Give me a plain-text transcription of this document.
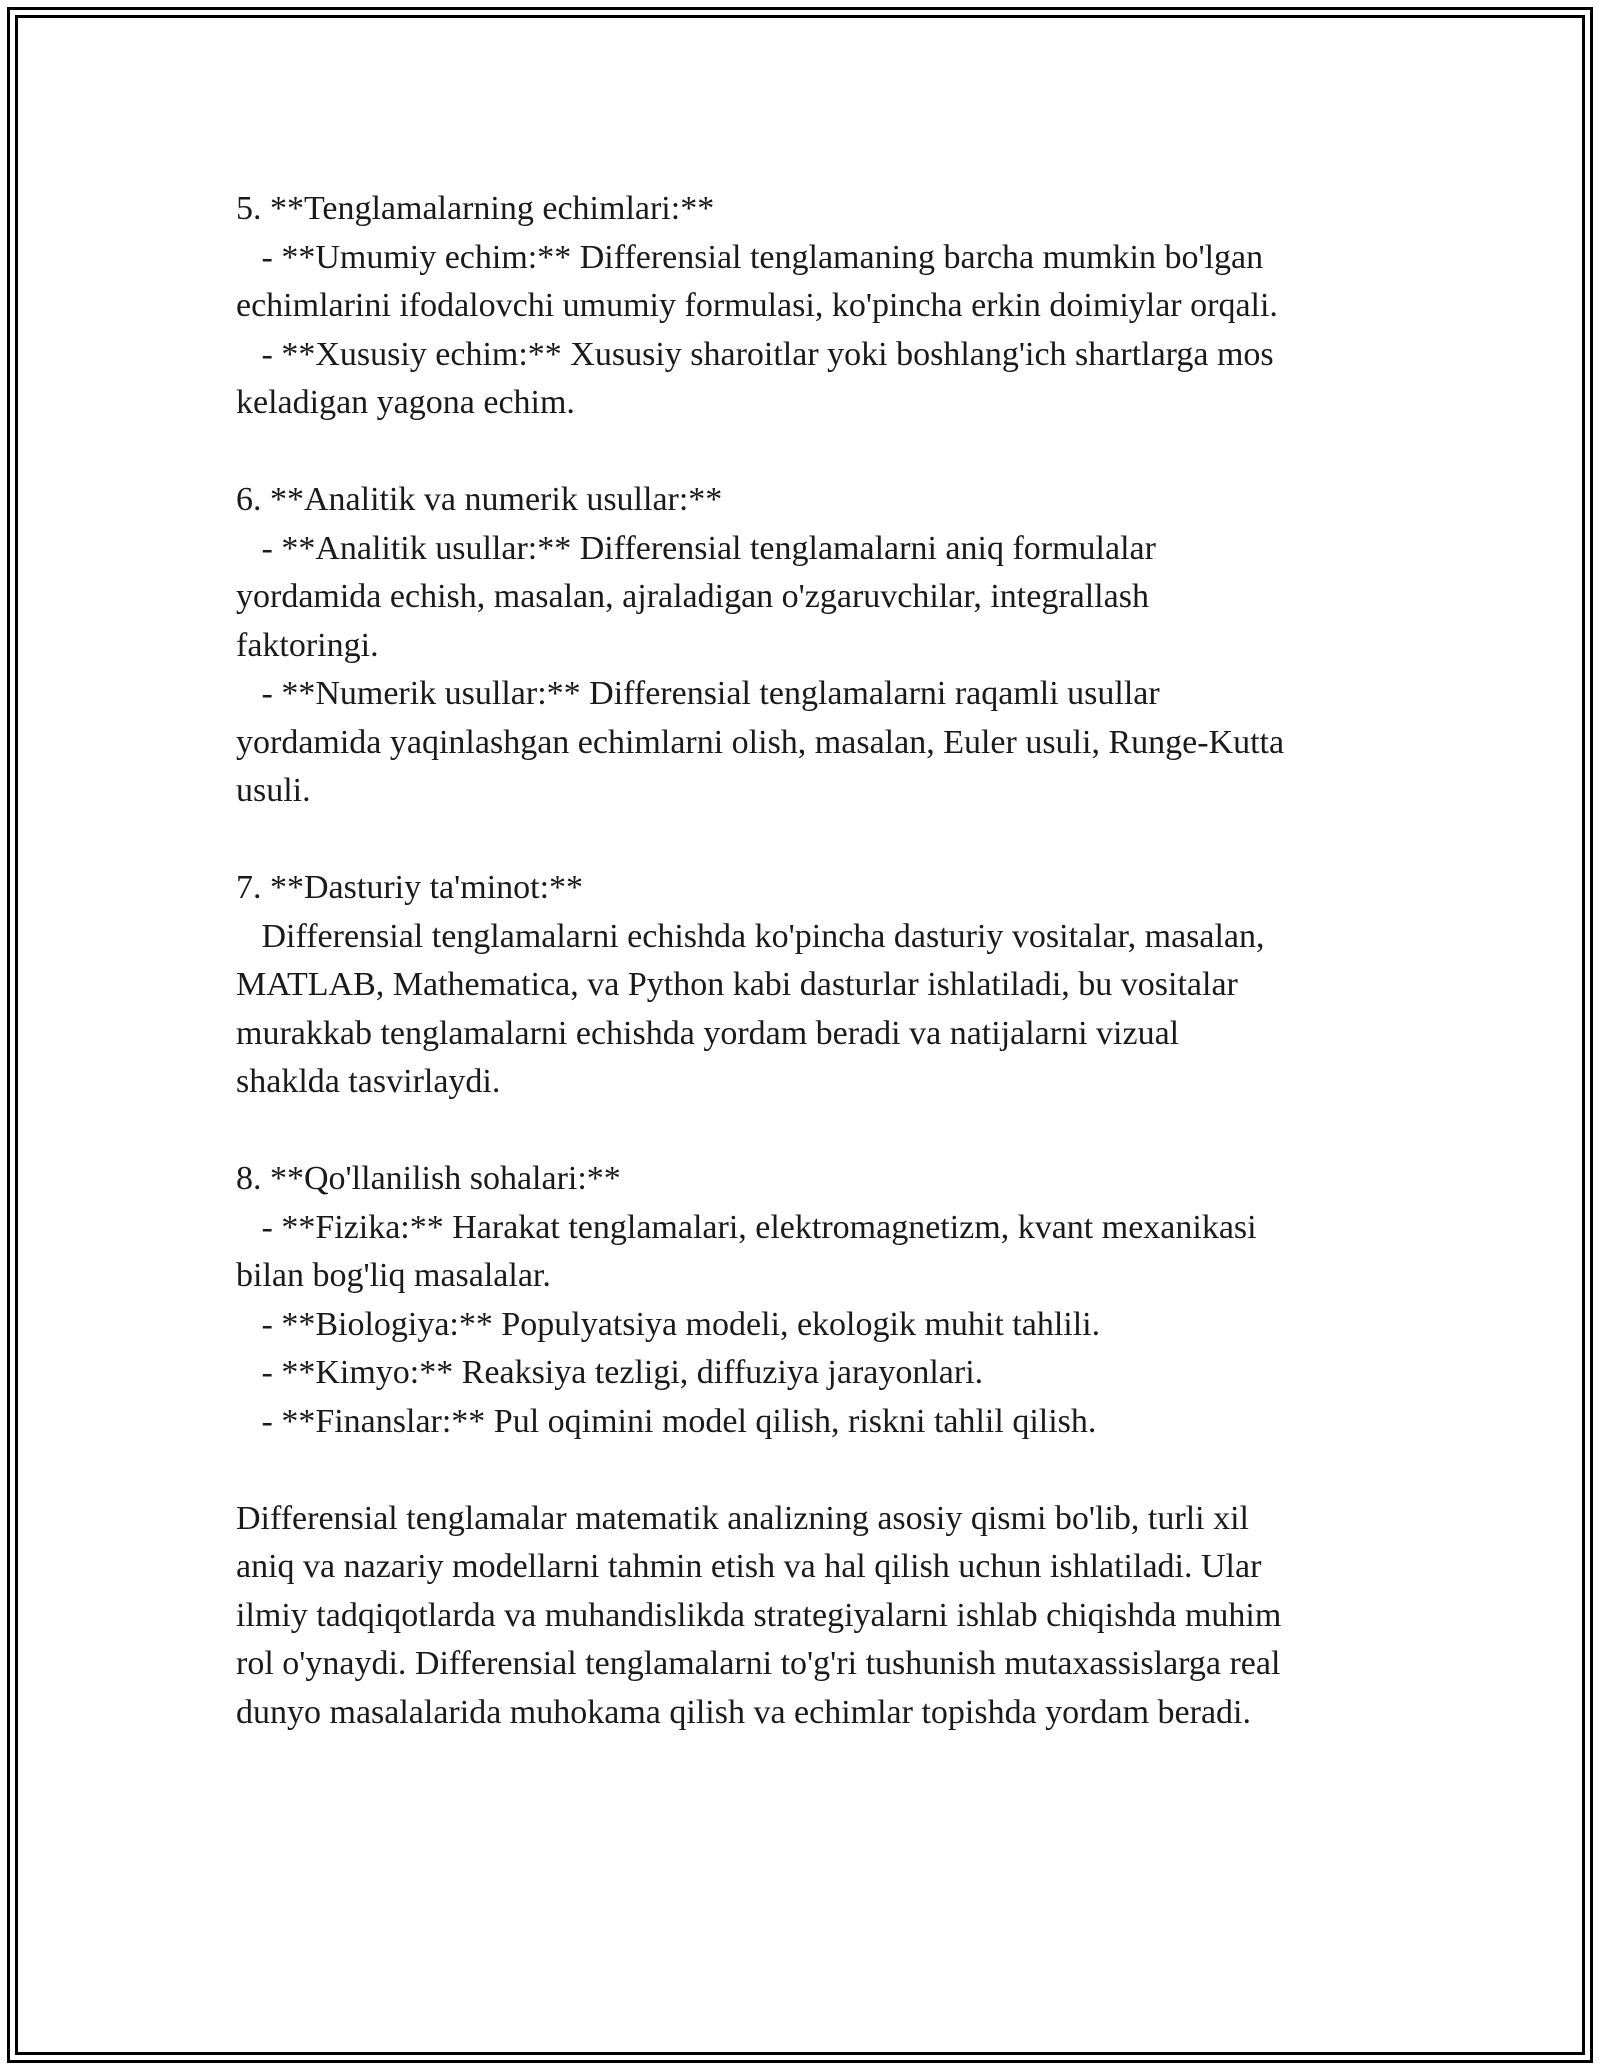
5. **Tenglamalarning echimlari:**
- **Umumiy echim:** Differensial tenglamaning barcha mumkin bo'lgan
echimlarini ifodalovchi umumiy formulasi, ko'pincha erkin doimiylar orqali.
- **Xususiy echim:** Xususiy sharoitlar yoki boshlang'ich shartlarga mos
keladigan yagona echim.
6. **Analitik va numerik usullar:**
- **Analitik usullar:** Differensial tenglamalarni aniq formulalar
yordamida echish, masalan, ajraladigan o'zgaruvchilar, integrallash
faktoringi.
- **Numerik usullar:** Differensial tenglamalarni raqamli usullar
yordamida yaqinlashgan echimlarni olish, masalan, Euler usuli, Runge-Kutta
usuli.
7. **Dasturiy ta'minot:**
Differensial tenglamalarni echishda ko'pincha dasturiy vositalar, masalan,
MATLAB, Mathematica, va Python kabi dasturlar ishlatiladi, bu vositalar
murakkab tenglamalarni echishda yordam beradi va natijalarni vizual
shaklda tasvirlaydi.
8. **Qo'llanilish sohalari:**
- **Fizika:** Harakat tenglamalari, elektromagnetizm, kvant mexanikasi
bilan bog'liq masalalar.
- **Biologiya:** Populyatsiya modeli, ekologik muhit tahlili.
- **Kimyo:** Reaksiya tezligi, diffuziya jarayonlari.
- **Finanslar:** Pul oqimini model qilish, riskni tahlil qilish.
Differensial tenglamalar matematik analizning asosiy qismi bo'lib, turli xil
aniq va nazariy modellarni tahmin etish va hal qilish uchun ishlatiladi. Ular
ilmiy tadqiqotlarda va muhandislikda strategiyalarni ishlab chiqishda muhim
rol o'ynaydi. Differensial tenglamalarni to'g'ri tushunish mutaxassislarga real
dunyo masalalarida muhokama qilish va echimlar topishda yordam beradi.
